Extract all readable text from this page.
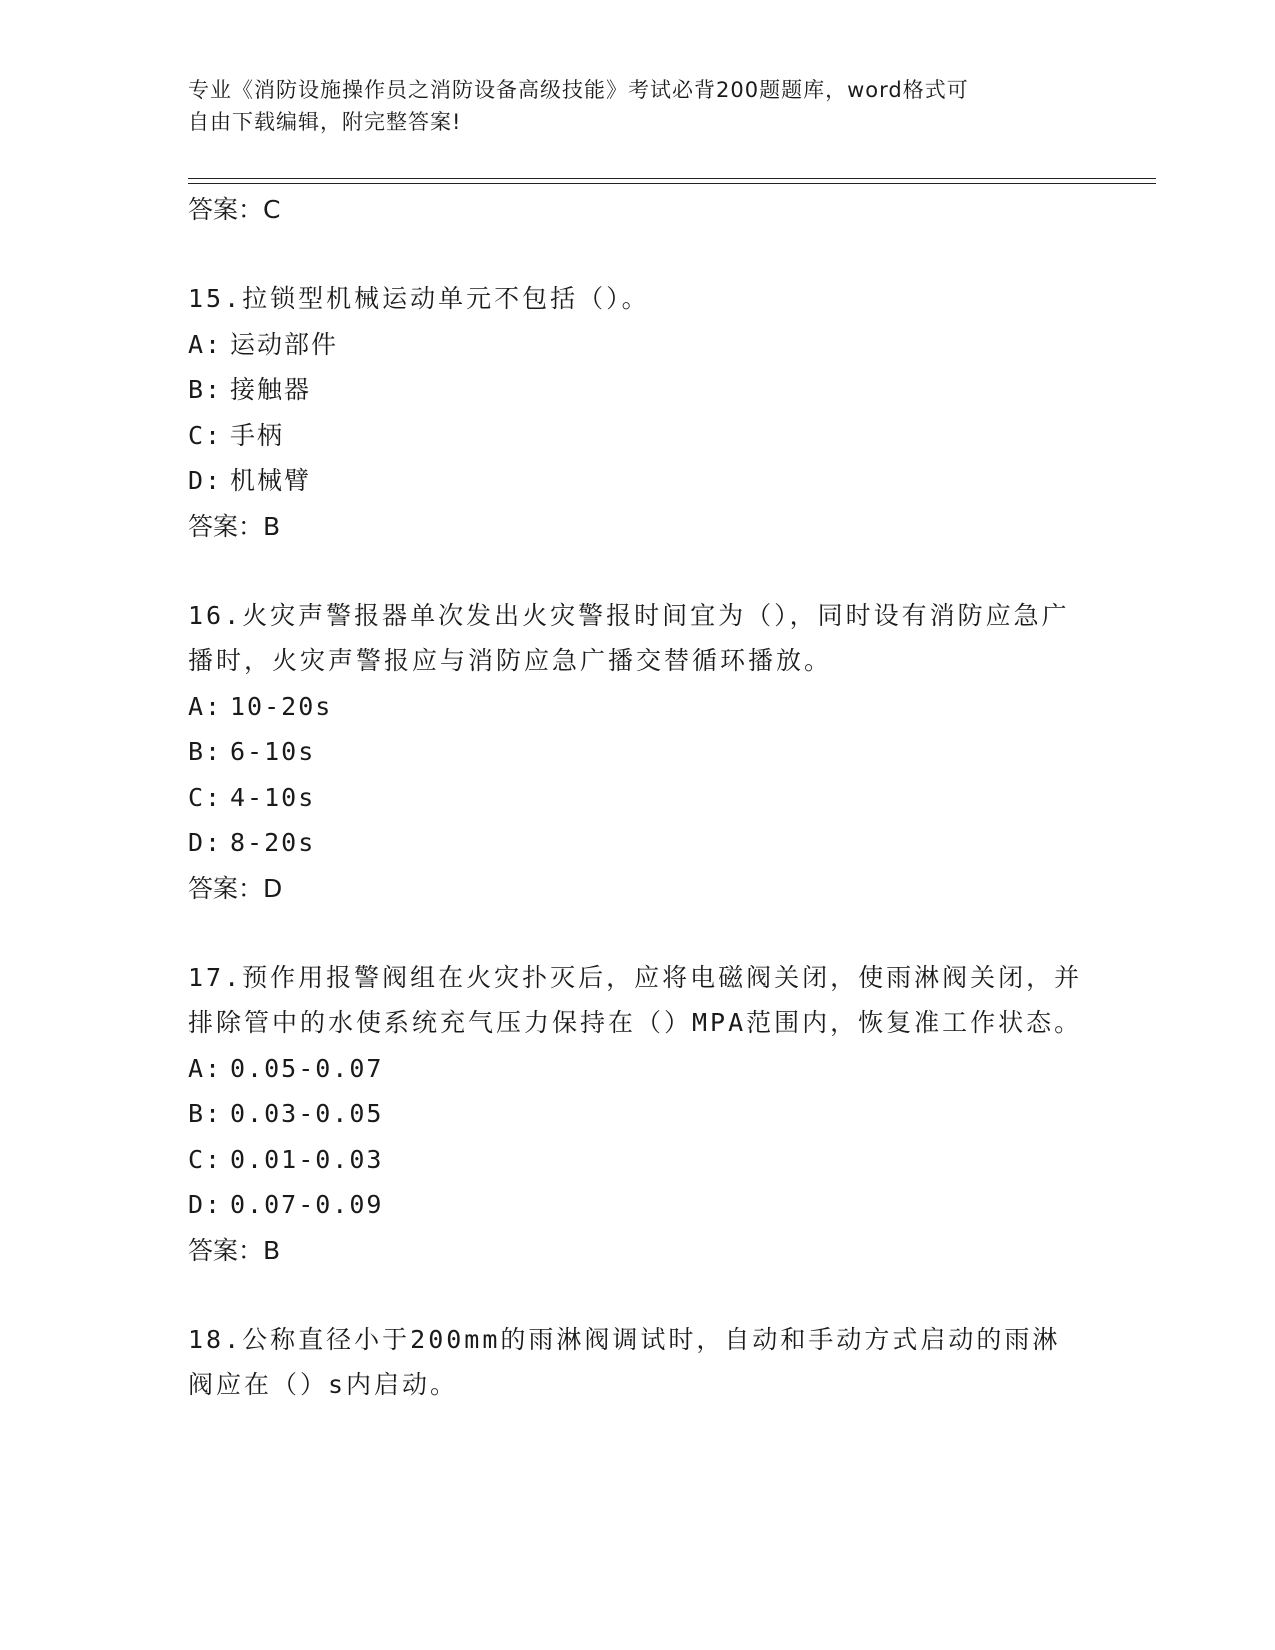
专业《消防设施操作员之消防设备高级技能》考试必背200题题库，word格式可
自由下载编辑，附完整答案!
答案：C
15.拉锁型机械运动单元不包括（）。
A: 运动部件
B: 接触器
C: 手柄
D: 机械臂
答案：B
16.火灾声警报器单次发出火灾警报时间宜为（），同时设有消防应急广播时，火灾声警报应与消防应急广播交替循环播放。
A: 10-20s
B: 6-10s
C: 4-10s
D: 8-20s
答案：D
17.预作用报警阀组在火灾扑灭后，应将电磁阀关闭，使雨淋阀关闭，并排除管中的水使系统充气压力保持在（）MPA范围内，恢复准工作状态。
A: 0.05-0.07
B: 0.03-0.05
C: 0.01-0.03
D: 0.07-0.09
答案：B
18.公称直径小于200mm的雨淋阀调试时，自动和手动方式启动的雨淋阀应在（）s内启动。
